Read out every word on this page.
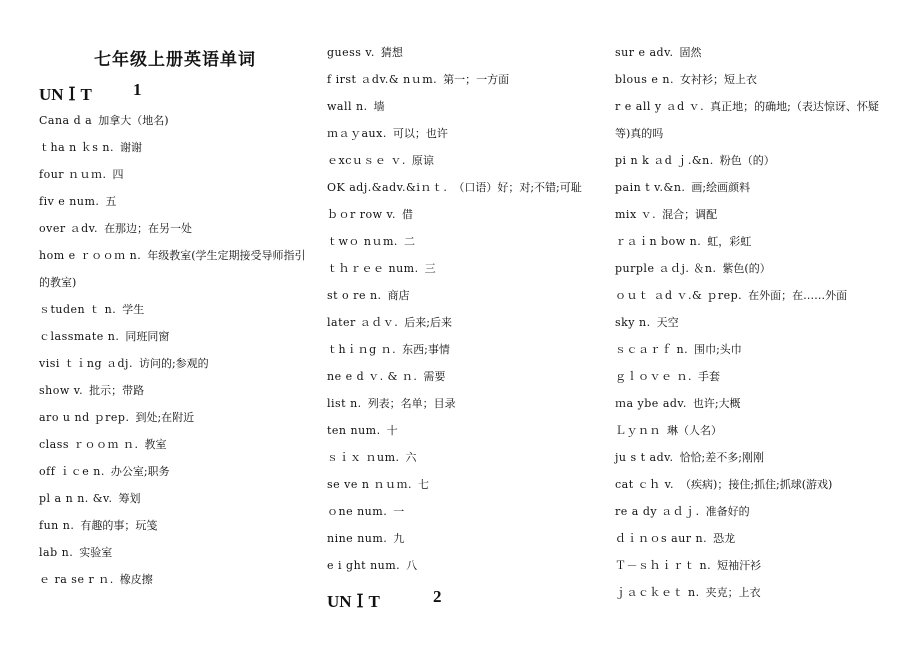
七年级上册英语单词
UNＩT 1
UNＩT	2
Cana d a 加拿大（地名)
ｔha n ｋs n. 谢谢
four ｎｕｍ. 四
fiv e num. 五
over ａdv. 在那边；在另一处
hom e ｒｏｏｍ n. 年级教室(学生定期接受导师指引的教室)
ｓtuden ｔ n. 学生
ｃlassmate n. 同班同窗
visi ｔｉng ａdj. 访问的;参观的
show v. 批示；带路
aro u nd ｐrep. 到处;在附近
class ｒｏｏｍ ｎ. 教室
off ｉｃe n. 办公室;职务
pl a n n. &v. 筹划
fun n. 有趣的事；玩笺
lab n. 实验室
ｅ ra se r ｎ. 橡皮擦
guess v. 猜想
f irst ａdv.& nｕm. 第一；一方面
wall n. 墙
ｍａｙaux. 可以；也许
ｅxcｕｓｅ ｖ. 原谅
OK adj.&adv.&iｎｔ. （口语）好；对;不错;可耻
ｂｏr row v. 借
ｔwｏ nｕm. 二
ｔｈｒｅｅ num. 三
st o re n. 商店
later ａｄｖ. 后来;后来
ｔhｉｎg ｎ. 东西;事情
ne e d ｖ. & ｎ. 需要
list n. 列表；名单；目录
ten num. 十
ｓｉｘ ｎum. 六
se ve n ｎｕｍ. 七
ｏne num. 一
nine num. 九
e i ght num. 八
sur e adv. 固然
blous e n. 女衬衫；短上衣
r e all y ａd ｖ. 真正地；的确地;（表达惊讶、怀疑等)真的吗
pi n k ａd ｊ.&n. 粉色（的）
pain t v.&n. 画;绘画颜料
mix ｖ. 混合；调配
ｒａｉn bow n. 虹，彩虹
purple ａｄj. ＆n. 紫色(的）
ｏｕｔ ａd ｖ.& ｐrep. 在外面；在……外面
sky n. 天空
ｓｃａｒｆ n. 围巾;头巾
ｇｌｏｖｅ ｎ. 手套
ｍa ybe adv. 也许;大概
Ｌｙｎｎ 琳（人名）
ju s t adv. 恰恰;差不多;刚刚
cat ｃｈ v. （疾病)；接住;抓住;抓球(游戏)
re a dy ａｄｊ. 准备好的
ｄｉｎｏs aur n. 恐龙
Ｔ－ｓｈｉｒｔ n. 短袖汗衫
ｊａｃｋｅｔ n. 夹克；上衣
